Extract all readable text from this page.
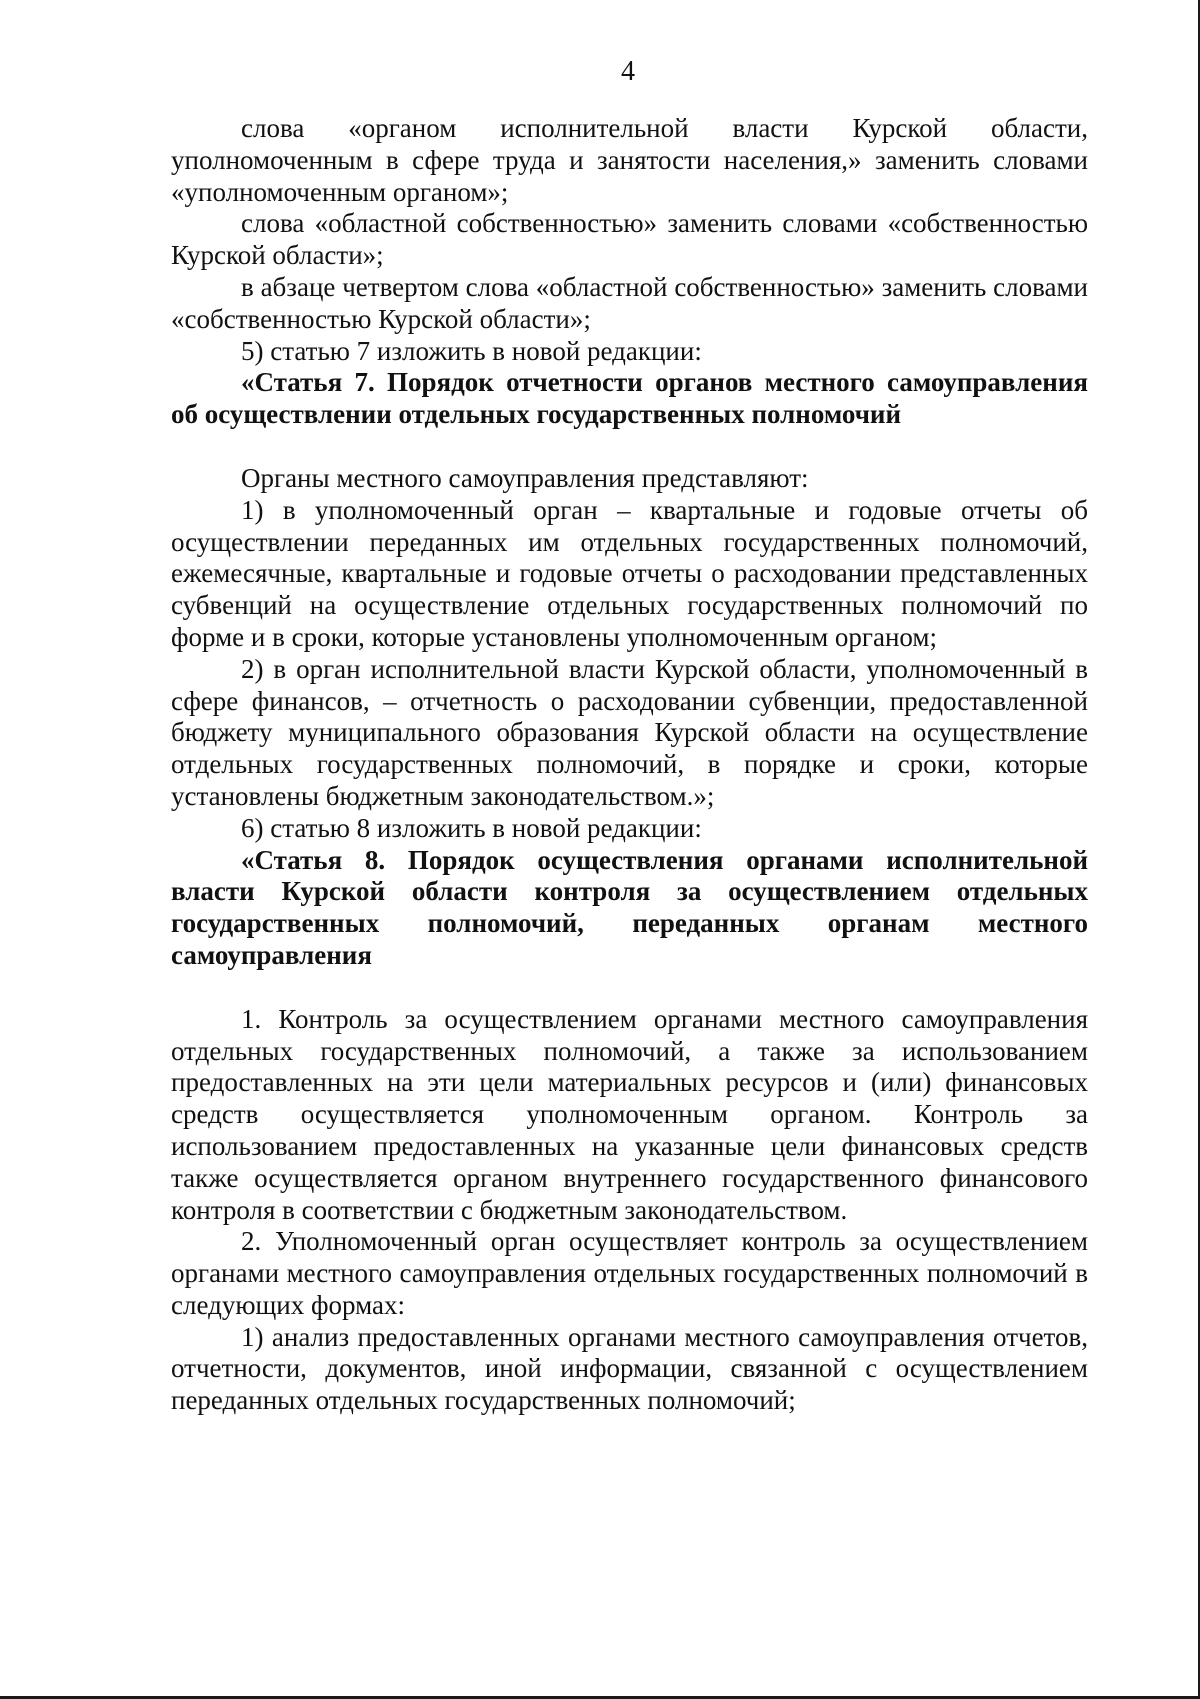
4

слова «органом исполнительной власти Курской области, уполномоченным в сфере труда и занятости населения,» заменить словами «уполномоченным органом»;

слова «областной собственностью» заменить словами «собственностью Курской области»;

в абзаце четвертом слова «областной собственностью» заменить словами «собственностью Курской области»;

5) статью 7 изложить в новой редакции:

«Статья 7. Порядок отчетности органов местного самоуправления об осуществлении отдельных государственных полномочий

Органы местного самоуправления представляют:

1) в уполномоченный орган – квартальные и годовые отчеты об осуществлении переданных им отдельных государственных полномочий, ежемесячные, квартальные и годовые отчеты о расходовании представленных субвенций на осуществление отдельных государственных полномочий по форме и в сроки, которые установлены уполномоченным органом;

2) в орган исполнительной власти Курской области, уполномоченный в сфере финансов, – отчетность о расходовании субвенции, предоставленной бюджету муниципального образования Курской области на осуществление отдельных государственных полномочий, в порядке и сроки, которые установлены бюджетным законодательством.»;

6) статью 8 изложить в новой редакции:

«Статья 8. Порядок осуществления органами исполнительной власти Курской области контроля за осуществлением отдельных государственных полномочий, переданных органам местного самоуправления

1. Контроль за осуществлением органами местного самоуправления отдельных государственных полномочий, а также за использованием предоставленных на эти цели материальных ресурсов и (или) финансовых средств осуществляется уполномоченным органом. Контроль за использованием предоставленных на указанные цели финансовых средств также осуществляется органом внутреннего государственного финансового контроля в соответствии с бюджетным законодательством.

2. Уполномоченный орган осуществляет контроль за осуществлением органами местного самоуправления отдельных государственных полномочий в следующих формах:

1) анализ предоставленных органами местного самоуправления отчетов, отчетности, документов, иной информации, связанной с осуществлением переданных отдельных государственных полномочий;
